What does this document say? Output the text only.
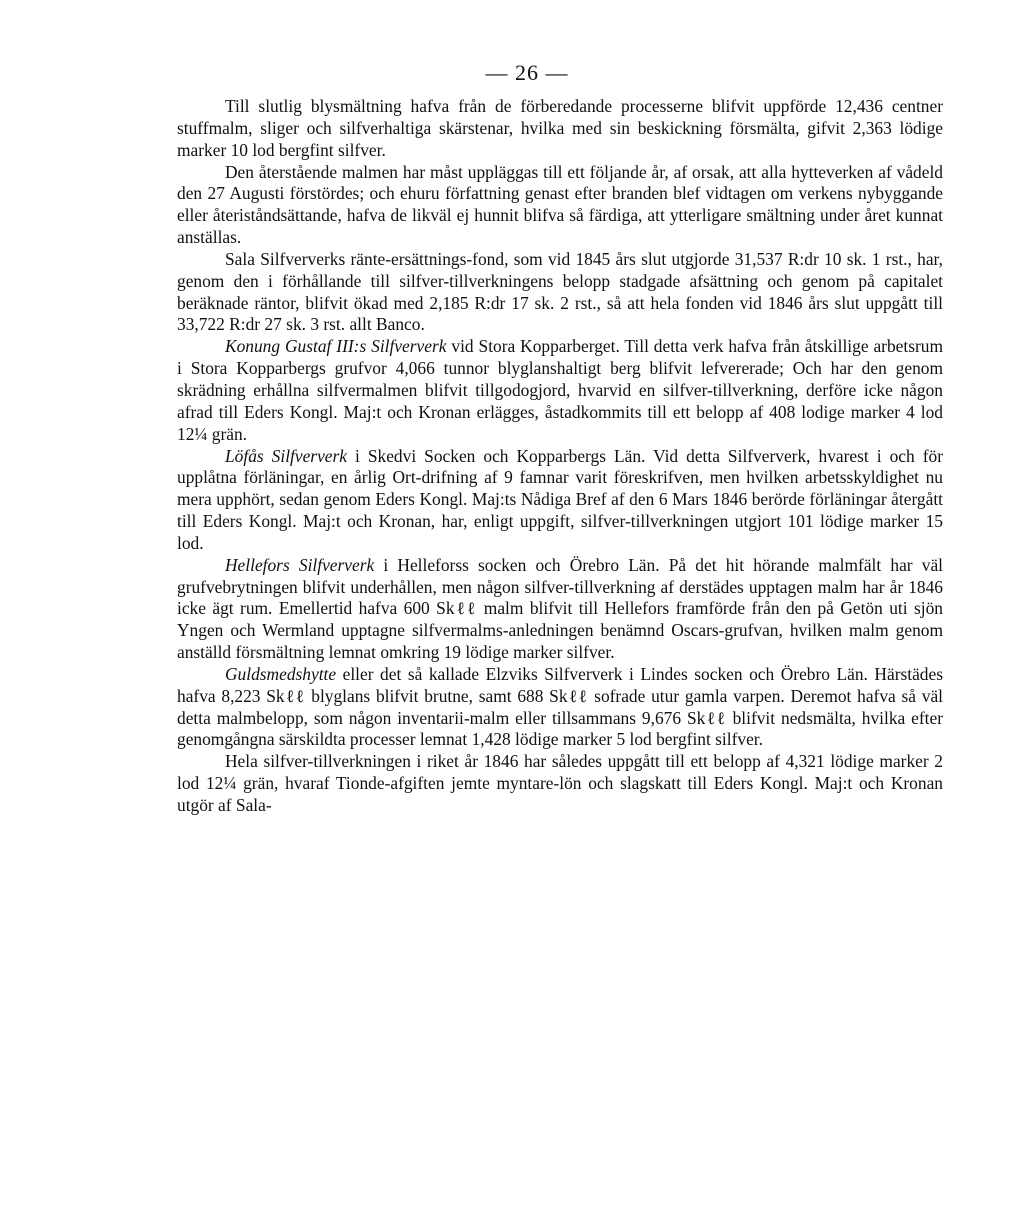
— 26 —

Till slutlig blysmältning hafva från de förberedande processerne blifvit uppförde 12,436 centner stuffmalm, sliger och silfverhaltiga skärstenar, hvilka med sin beskickning försmälta, gifvit 2,363 lödige marker 10 lod bergfint silfver.

Den återstående malmen har måst uppläggas till ett följande år, af orsak, att alla hytteverken af vådeld den 27 Augusti förstördes; och ehuru författning genast efter branden blef vidtagen om verkens nybyggande eller återiståndsättande, hafva de likväl ej hunnit blifva så färdiga, att ytterligare smältning under året kunnat anställas.

Sala Silfververks ränte-ersättnings-fond, som vid 1845 års slut utgjorde 31,537 R:dr 10 sk. 1 rst., har, genom den i förhållande till silfver-tillverkningens belopp stadgade afsättning och genom på capitalet beräknade räntor, blifvit ökad med 2,185 R:dr 17 sk. 2 rst., så att hela fonden vid 1846 års slut uppgått till 33,722 R:dr 27 sk. 3 rst. allt Banco.

Konung Gustaf III:s Silfververk vid Stora Kopparberget. Till detta verk hafva från åtskillige arbetsrum i Stora Kopparbergs grufvor 4,066 tunnor blyglanshaltigt berg blifvit lefvererade; Och har den genom skrädning erhållna silfvermalmen blifvit tillgodogjord, hvarvid en silfver-tillverkning, derföre icke någon afrad till Eders Kongl. Maj:t och Kronan erlägges, åstadkommits till ett belopp af 408 lodige marker 4 lod 12¼ grän.

Löfås Silfververk i Skedvi Socken och Kopparbergs Län. Vid detta Silfververk, hvarest i och för upplåtna förläningar, en årlig Ort-drifning af 9 famnar varit föreskrifven, men hvilken arbetsskyldighet nu mera upphört, sedan genom Eders Kongl. Maj:ts Nådiga Bref af den 6 Mars 1846 berörde förläningar återgått till Eders Kongl. Maj:t och Kronan, har, enligt uppgift, silfver-tillverkningen utgjort 101 lödige marker 15 lod.

Hellefors Silfververk i Helleforss socken och Örebro Län. På det hit hörande malmfält har väl grufvebrytningen blifvit underhållen, men någon silfver-tillverkning af derstädes upptagen malm har år 1846 icke ägt rum. Emellertid hafva 600 Skℓℓ malm blifvit till Hellefors framförde från den på Getön uti sjön Yngen och Wermland upptagne silfvermalms-anledningen benämnd Oscars-grufvan, hvilken malm genom anställd försmältning lemnat omkring 19 lödige marker silfver.

Guldsmedshytte eller det så kallade Elzviks Silfververk i Lindes socken och Örebro Län. Härstädes hafva 8,223 Skℓℓ blyglans blifvit brutne, samt 688 Skℓℓ sofrade utur gamla varpen. Deremot hafva så väl detta malmbelopp, som någon inventarii-malm eller tillsammans 9,676 Skℓℓ blifvit nedsmälta, hvilka efter genomgångna särskildta processer lemnat 1,428 lödige marker 5 lod bergfint silfver.

Hela silfver-tillverkningen i riket år 1846 har således uppgått till ett belopp af 4,321 lödige marker 2 lod 12¼ grän, hvaraf Tionde-afgiften jemte myntare-lön och slagskatt till Eders Kongl. Maj:t och Kronan utgör af Sala-
